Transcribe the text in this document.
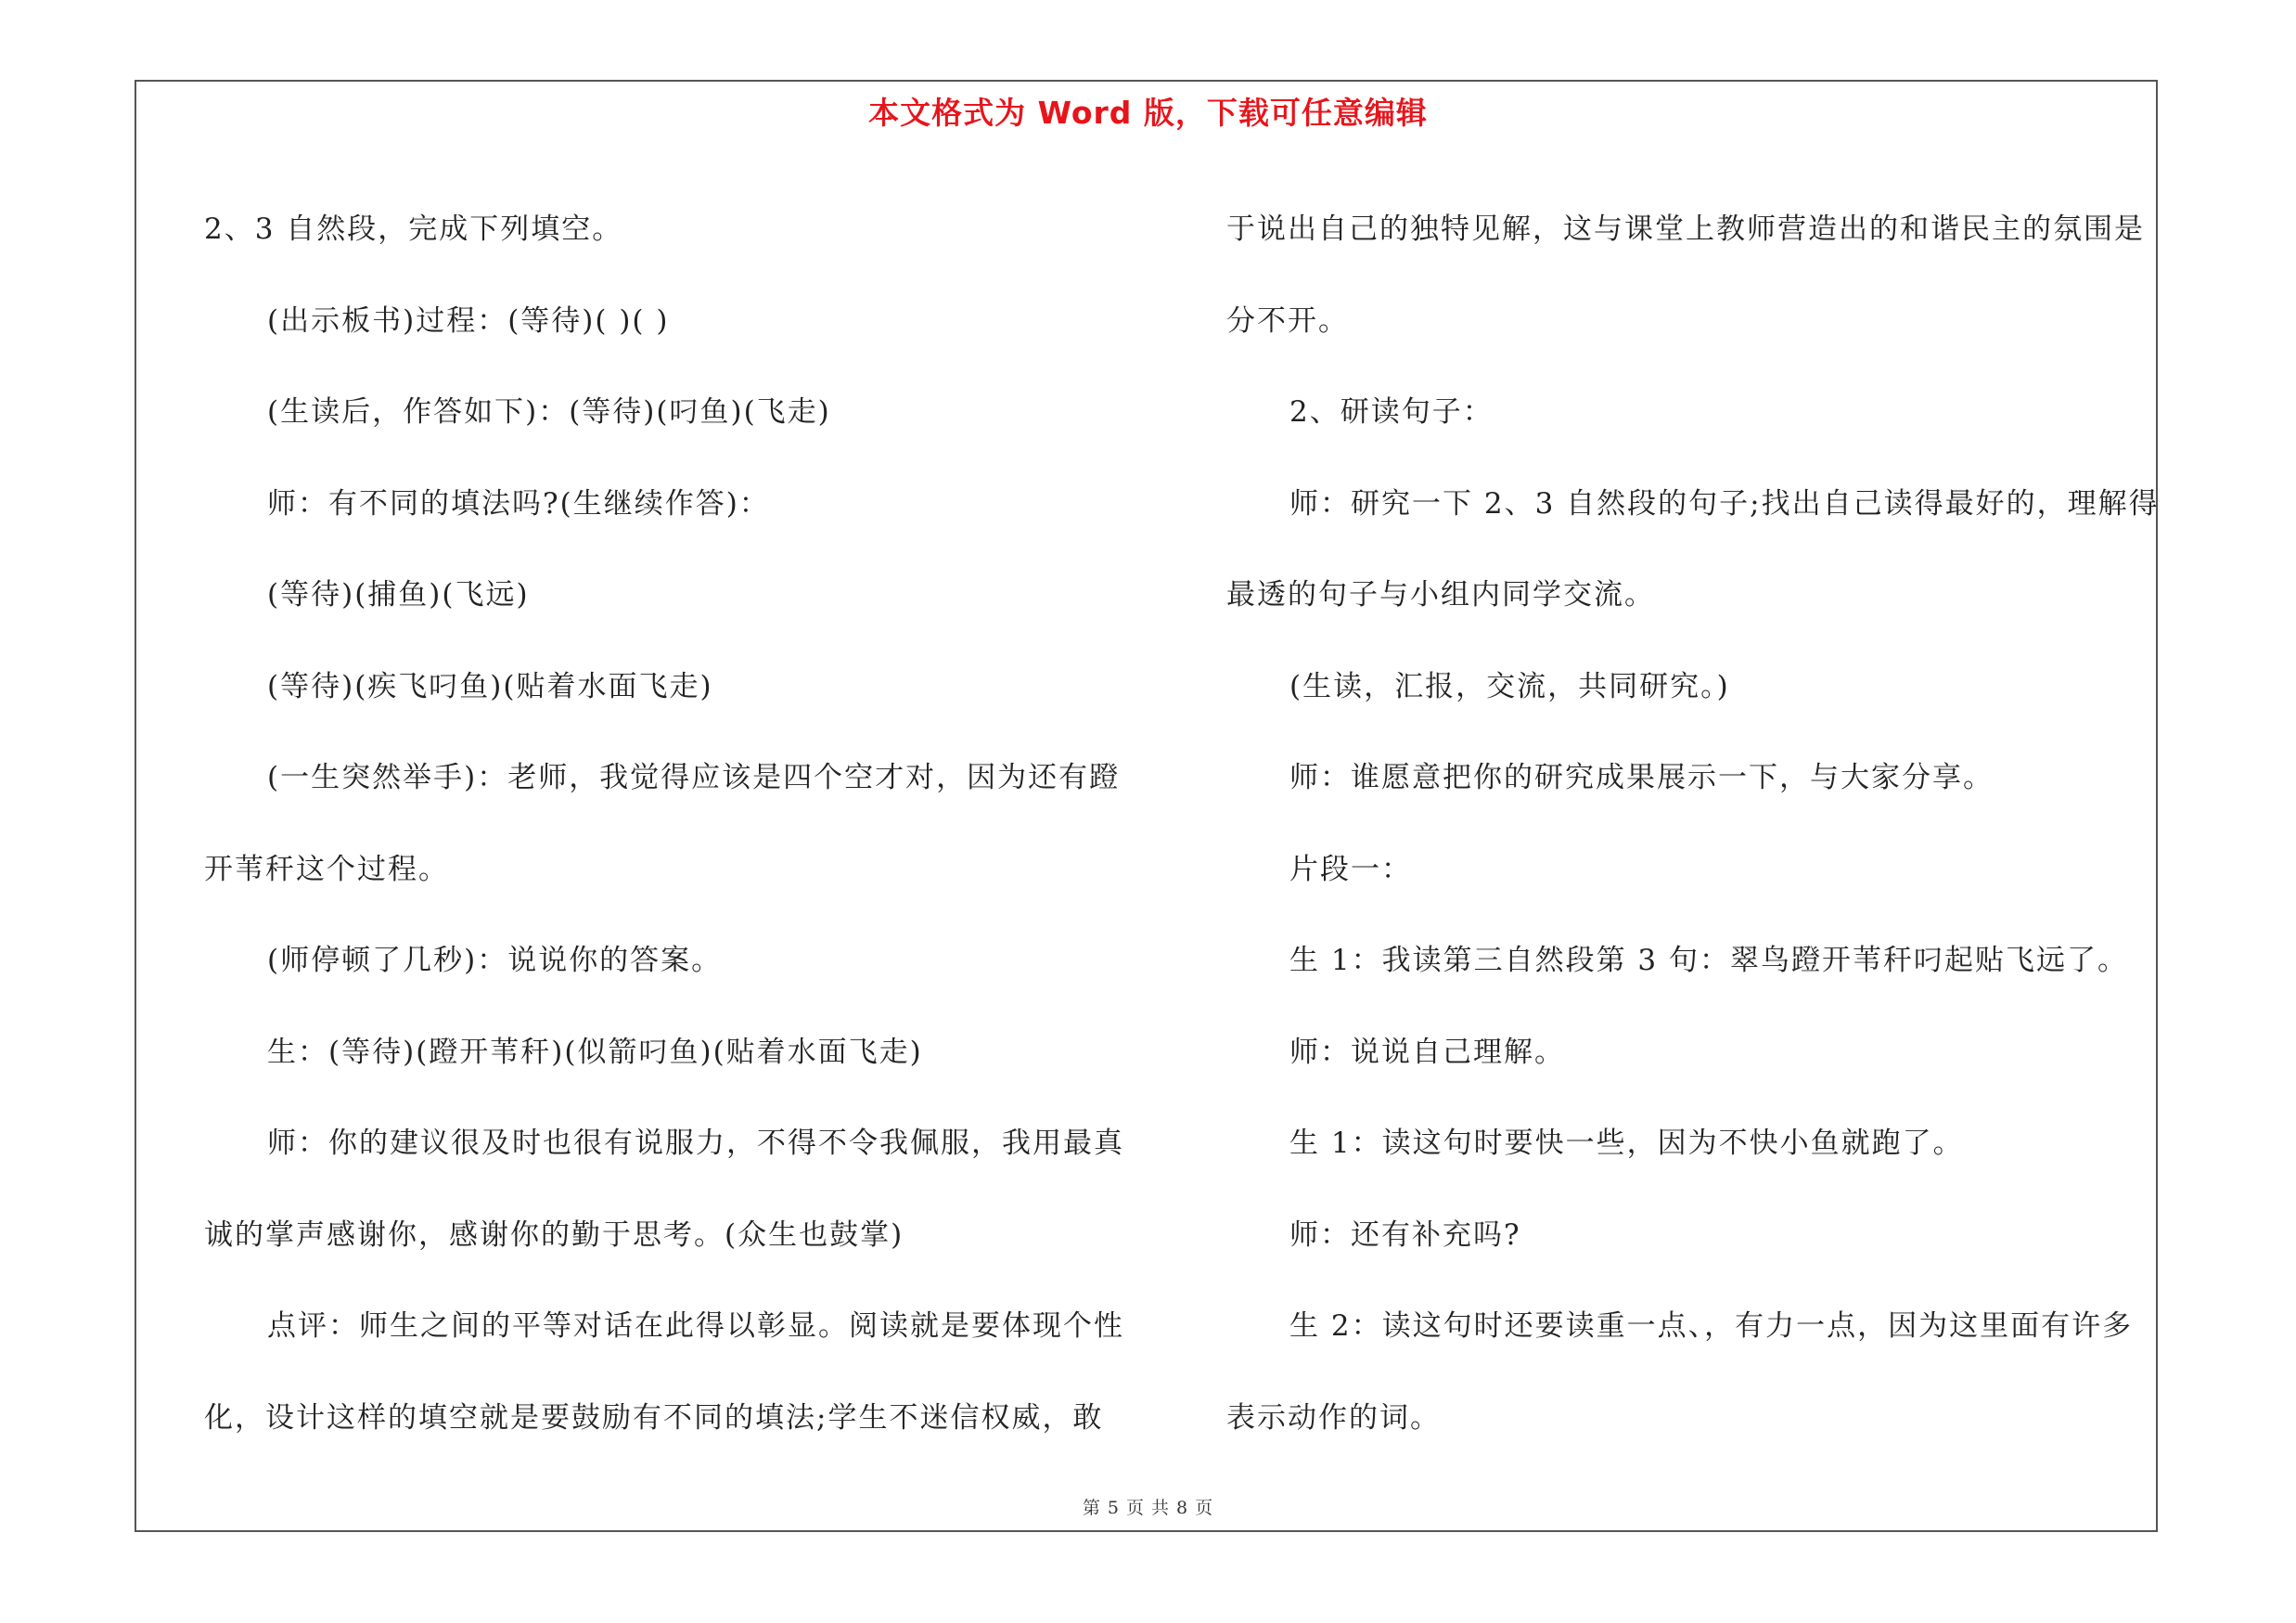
本文格式为 Word 版，下载可任意编辑
2、3 自然段，完成下列填空。
(出示板书)过程：(等待)( )( )
(生读后，作答如下)：(等待)(叼鱼)(飞走)
师：有不同的填法吗?(生继续作答)：
(等待)(捕鱼)(飞远)
(等待)(疾飞叼鱼)(贴着水面飞走)
(一生突然举手)：老师，我觉得应该是四个空才对，因为还有蹬
开苇秆这个过程。
(师停顿了几秒)：说说你的答案。
生：(等待)(蹬开苇秆)(似箭叼鱼)(贴着水面飞走)
师：你的建议很及时也很有说服力，不得不令我佩服，我用最真
诚的掌声感谢你，感谢你的勤于思考。(众生也鼓掌)
点评：师生之间的平等对话在此得以彰显。阅读就是要体现个性
化，设计这样的填空就是要鼓励有不同的填法;学生不迷信权威，敢
于说出自己的独特见解，这与课堂上教师营造出的和谐民主的氛围是
分不开。
2、研读句子：
师：研究一下 2、3 自然段的句子;找出自己读得最好的，理解得
最透的句子与小组内同学交流。
(生读，汇报，交流，共同研究。)
师：谁愿意把你的研究成果展示一下，与大家分享。
片段一：
生 1：我读第三自然段第 3 句：翠鸟蹬开苇秆叼起贴飞远了。
师：说说自己理解。
生 1：读这句时要快一些，因为不快小鱼就跑了。
师：还有补充吗?
生 2：读这句时还要读重一点、，有力一点，因为这里面有许多
表示动作的词。
第 5 页 共 8 页
